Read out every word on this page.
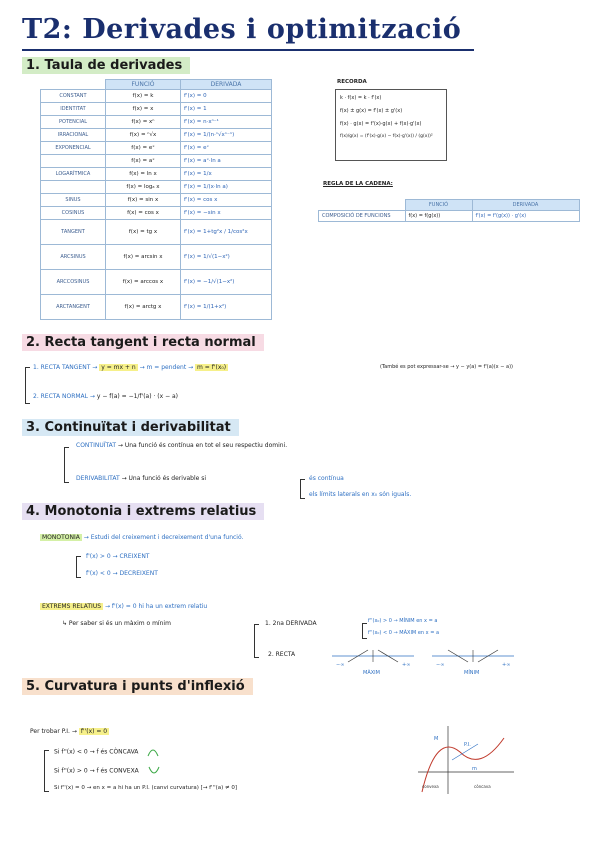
T2: Derivades i optimització
1. Taula de derivades
	FUNCIÓ	DERIVADA
CONSTANT	f(x) = k	f'(x) = 0
IDENTITAT	f(x) = x	f'(x) = 1
POTENCIAL	f(x) = xⁿ	f'(x) = n·xⁿ⁻¹
IRRACIONAL	f(x) = ⁿ√x	f'(x) = 1/(n·ⁿ√xⁿ⁻¹)
EXPONENCIAL	f(x) = eˣ	f'(x) = eˣ
	f(x) = aˣ	f'(x) = aˣ·ln a
LOGARÍTMICA	f(x) = ln x	f'(x) = 1/x
	f(x) = logₐ x	f'(x) = 1/(x·ln a)
SINUS	f(x) = sin x	f'(x) = cos x
COSINUS	f(x) = cos x	f'(x) = −sin x
TANGENT	f(x) = tg x	f'(x) = 1+tg²x / 1/cos²x
ARCSINUS	f(x) = arcsin x	f'(x) = 1/√(1−x²)
ARCCOSINUS	f(x) = arccos x	f'(x) = −1/√(1−x²)
ARCTANGENT	f(x) = arctg x	f'(x) = 1/(1+x²)
RECORDA
k · f(x) = k · f'(x)
f(x) ± g(x) = f'(x) ± g'(x)
f(x) · g(x) = f'(x)·g(x) + f(x)·g'(x)
f(x)/g(x) = (f'(x)·g(x) − f(x)·g'(x)) / (g(x))²
REGLA DE LA CADENA:
	FUNCIÓ	DERIVADA
COMPOSICIÓ DE FUNCIONS	f(x) = f(g(x))	f'(x) = f'(g(x)) · g'(x)
2. Recta tangent i recta normal
1. RECTA TANGENT → y = mx + n → m = pendent → m = f'(x₀)	(També es pot expressar-se → y − y(a) = f'(a)(x − a))
2. RECTA NORMAL → y − f(a) = −1/f'(a) · (x − a)
3. Continuïtat i derivabilitat
CONTINUÏTAT → Una funció és contínua en tot el seu respectiu domini.
DERIVABILITAT → Una funció és derivable si	és contínua
els límits laterals en x₀ són iguals.
4. Monotonia i extrems relatius
MONOTONIA → Estudi del creixement i decreixement d'una funció.
f'(x) > 0 → CREIXENT
f'(x) < 0 → DECREIXENT
EXTREMS RELATIUS → f'(x) = 0 hi ha un extrem relatiu
↳ Per saber si és un màxim o mínim	1. 2na DERIVADA	f''(x₀) > 0 → MÍNIM en x = a
f''(x₀) < 0 → MÀXIM en x = a
2. RECTA
−∞	+∞
MÀXIM
−∞	+∞
MÍNIM
5. Curvatura i punts d'inflexió
Per trobar P.I. → f''(x) = 0
Si f''(x) < 0 → f és CÒNCAVA
Si f''(x) > 0 → f és CONVEXA
Si f''(x) = 0 → en x = a hi ha un P.I. (canvi curvatura) [→ f'''(a) ≠ 0]
M
P.I.
m
convexa	còncava
